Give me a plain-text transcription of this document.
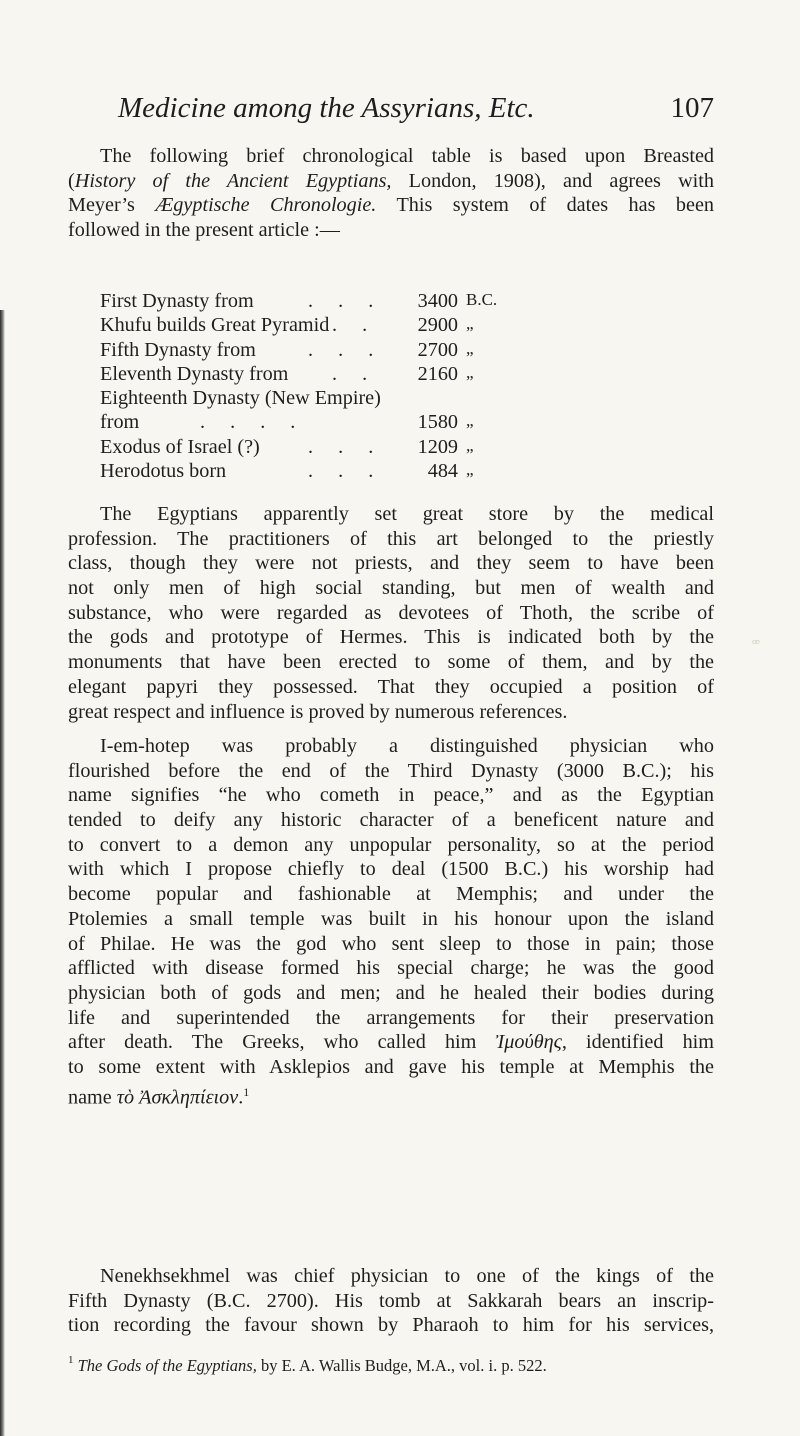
ꟹ
Medicine among the Assyrians, Etc.	107
The following brief chronological table is based upon Breasted
(History of the Ancient Egyptians, London, 1908), and agrees with
Meyer’s Ægyptische Chronologie. This system of dates has been
followed in the present article :—
First Dynasty from	. . .	3400 B.C.
Khufu builds Great Pyramid . .	2900 „
Fifth Dynasty from	. . .	2700 „
Eleventh Dynasty from . .	2160 „
Eighteenth Dynasty (New Empire)
from	. . . .	1580 „
Exodus of Israel (?) . . .	1209 „
Herodotus born	. . .	484 „
The Egyptians apparently set great store by the medical
profession. The practitioners of this art belonged to the priestly
class, though they were not priests, and they seem to have been
not only men of high social standing, but men of wealth and
substance, who were regarded as devotees of Thoth, the scribe of
the gods and prototype of Hermes. This is indicated both by the
monuments that have been erected to some of them, and by the
elegant papyri they possessed. That they occupied a position of
great respect and influence is proved by numerous references.
I-em-hotep was probably a distinguished physician who
flourished before the end of the Third Dynasty (3000 B.C.); his
name signifies “he who cometh in peace,” and as the Egyptian
tended to deify any historic character of a beneficent nature and
to convert to a demon any unpopular personality, so at the period
with which I propose chiefly to deal (1500 B.C.) his worship had
become popular and fashionable at Memphis; and under the
Ptolemies a small temple was built in his honour upon the island
of Philae. He was the god who sent sleep to those in pain; those
afflicted with disease formed his special charge; he was the good
physician both of gods and men; and he healed their bodies during
life and superintended the arrangements for their preservation
after death. The Greeks, who called him Ἰμούθης, identified him
to some extent with Asklepios and gave his temple at Memphis the
name τὸ Ἀσκληπίειον.$^1$
Nenekhsekhmel was chief physician to one of the kings of the
Fifth Dynasty (B.C. 2700). His tomb at Sakkarah bears an inscrip-
tion recording the favour shown by Pharaoh to him for his services,
$^1$ The Gods of the Egyptians, by E. A. Wallis Budge, M.A., vol. i. p. 522.
